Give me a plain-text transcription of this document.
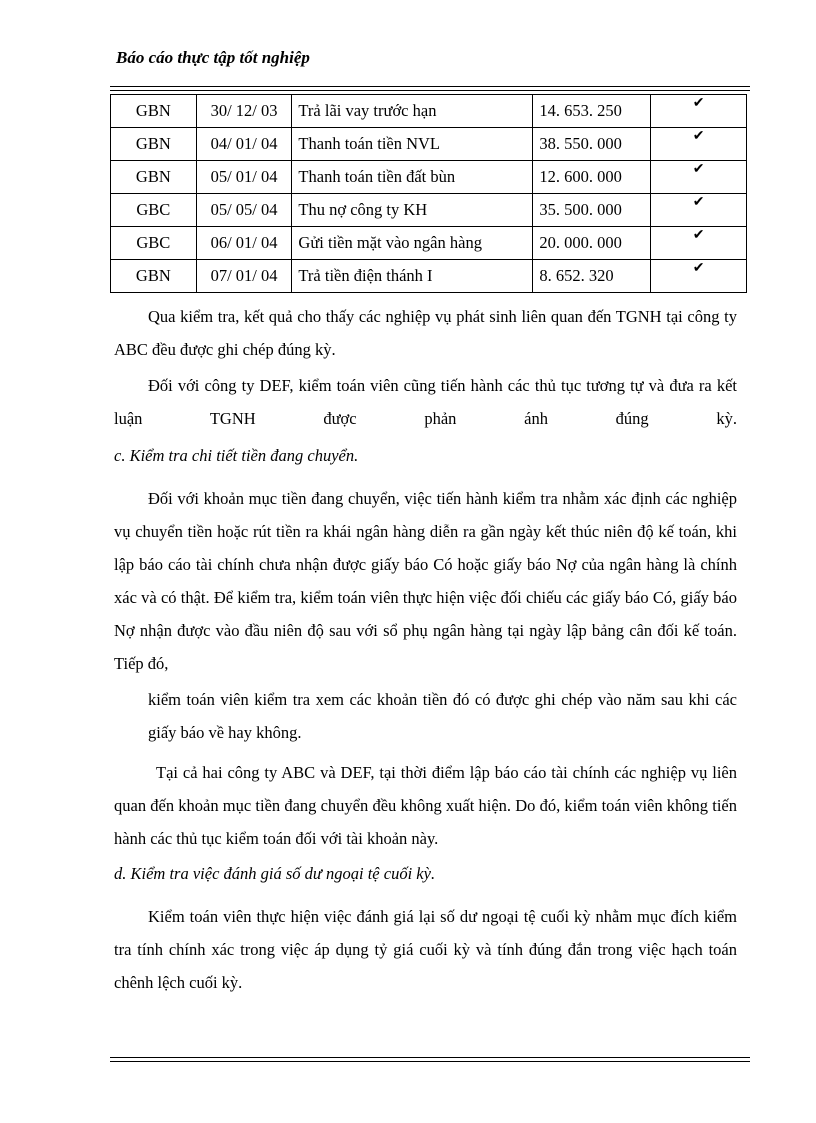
Báo cáo thực tập tốt nghiệp
GBN	30/ 12/ 03	Trả lãi vay trước hạn	14. 653. 250	✔
GBN	04/ 01/ 04	Thanh toán tiền NVL	38. 550. 000	✔
GBN	05/ 01/ 04	Thanh toán tiền đất bùn	12. 600. 000	✔
GBC	05/ 05/ 04	Thu nợ công ty KH	35. 500. 000	✔
GBC	06/ 01/ 04	Gửi tiền mặt vào ngân hàng	20. 000. 000	✔
GBN	07/ 01/ 04	Trả tiền điện thánh I	8. 652. 320	✔

Qua kiểm tra, kết quả cho thấy các nghiệp vụ phát sinh liên quan đến TGNH tại công ty ABC đều được ghi chép đúng kỳ.

Đối với công ty DEF, kiểm toán viên cũng tiến hành các thủ tục tương tự và đưa ra kết luận TGNH được phản ánh đúng kỳ.

c. Kiểm tra chi tiết tiền đang chuyển.

Đối với khoản mục tiền đang chuyển, việc tiến hành kiểm tra nhằm xác định các nghiệp vụ chuyển tiền hoặc rút tiền ra khái ngân hàng diễn ra gần ngày kết thúc niên độ kế toán, khi lập báo cáo tài chính chưa nhận được giấy báo Có hoặc giấy báo Nợ của ngân hàng là chính xác và có thật. Để kiểm tra, kiểm toán viên thực hiện việc đối chiếu các giấy báo Có, giấy báo Nợ nhận được vào đầu niên độ sau với sổ phụ ngân hàng tại ngày lập bảng cân đối kế toán. Tiếp đó,

kiểm toán viên kiểm tra xem các khoản tiền đó có được ghi chép vào năm sau khi các giấy báo về hay không.

Tại cả hai công ty ABC và DEF, tại thời điểm lập báo cáo tài chính các nghiệp vụ liên quan đến khoản mục tiền đang chuyển đều không xuất hiện. Do đó, kiểm toán viên không tiến hành các thủ tục kiểm toán đối với tài khoản này.

d. Kiểm tra việc đánh giá số dư ngoại tệ cuối kỳ.

Kiểm toán viên thực hiện việc đánh giá lại số dư ngoại tệ cuối kỳ nhằm mục đích kiểm tra tính chính xác trong việc áp dụng tỷ giá cuối kỳ và tính đúng đắn trong việc hạch toán chênh lệch cuối kỳ.
